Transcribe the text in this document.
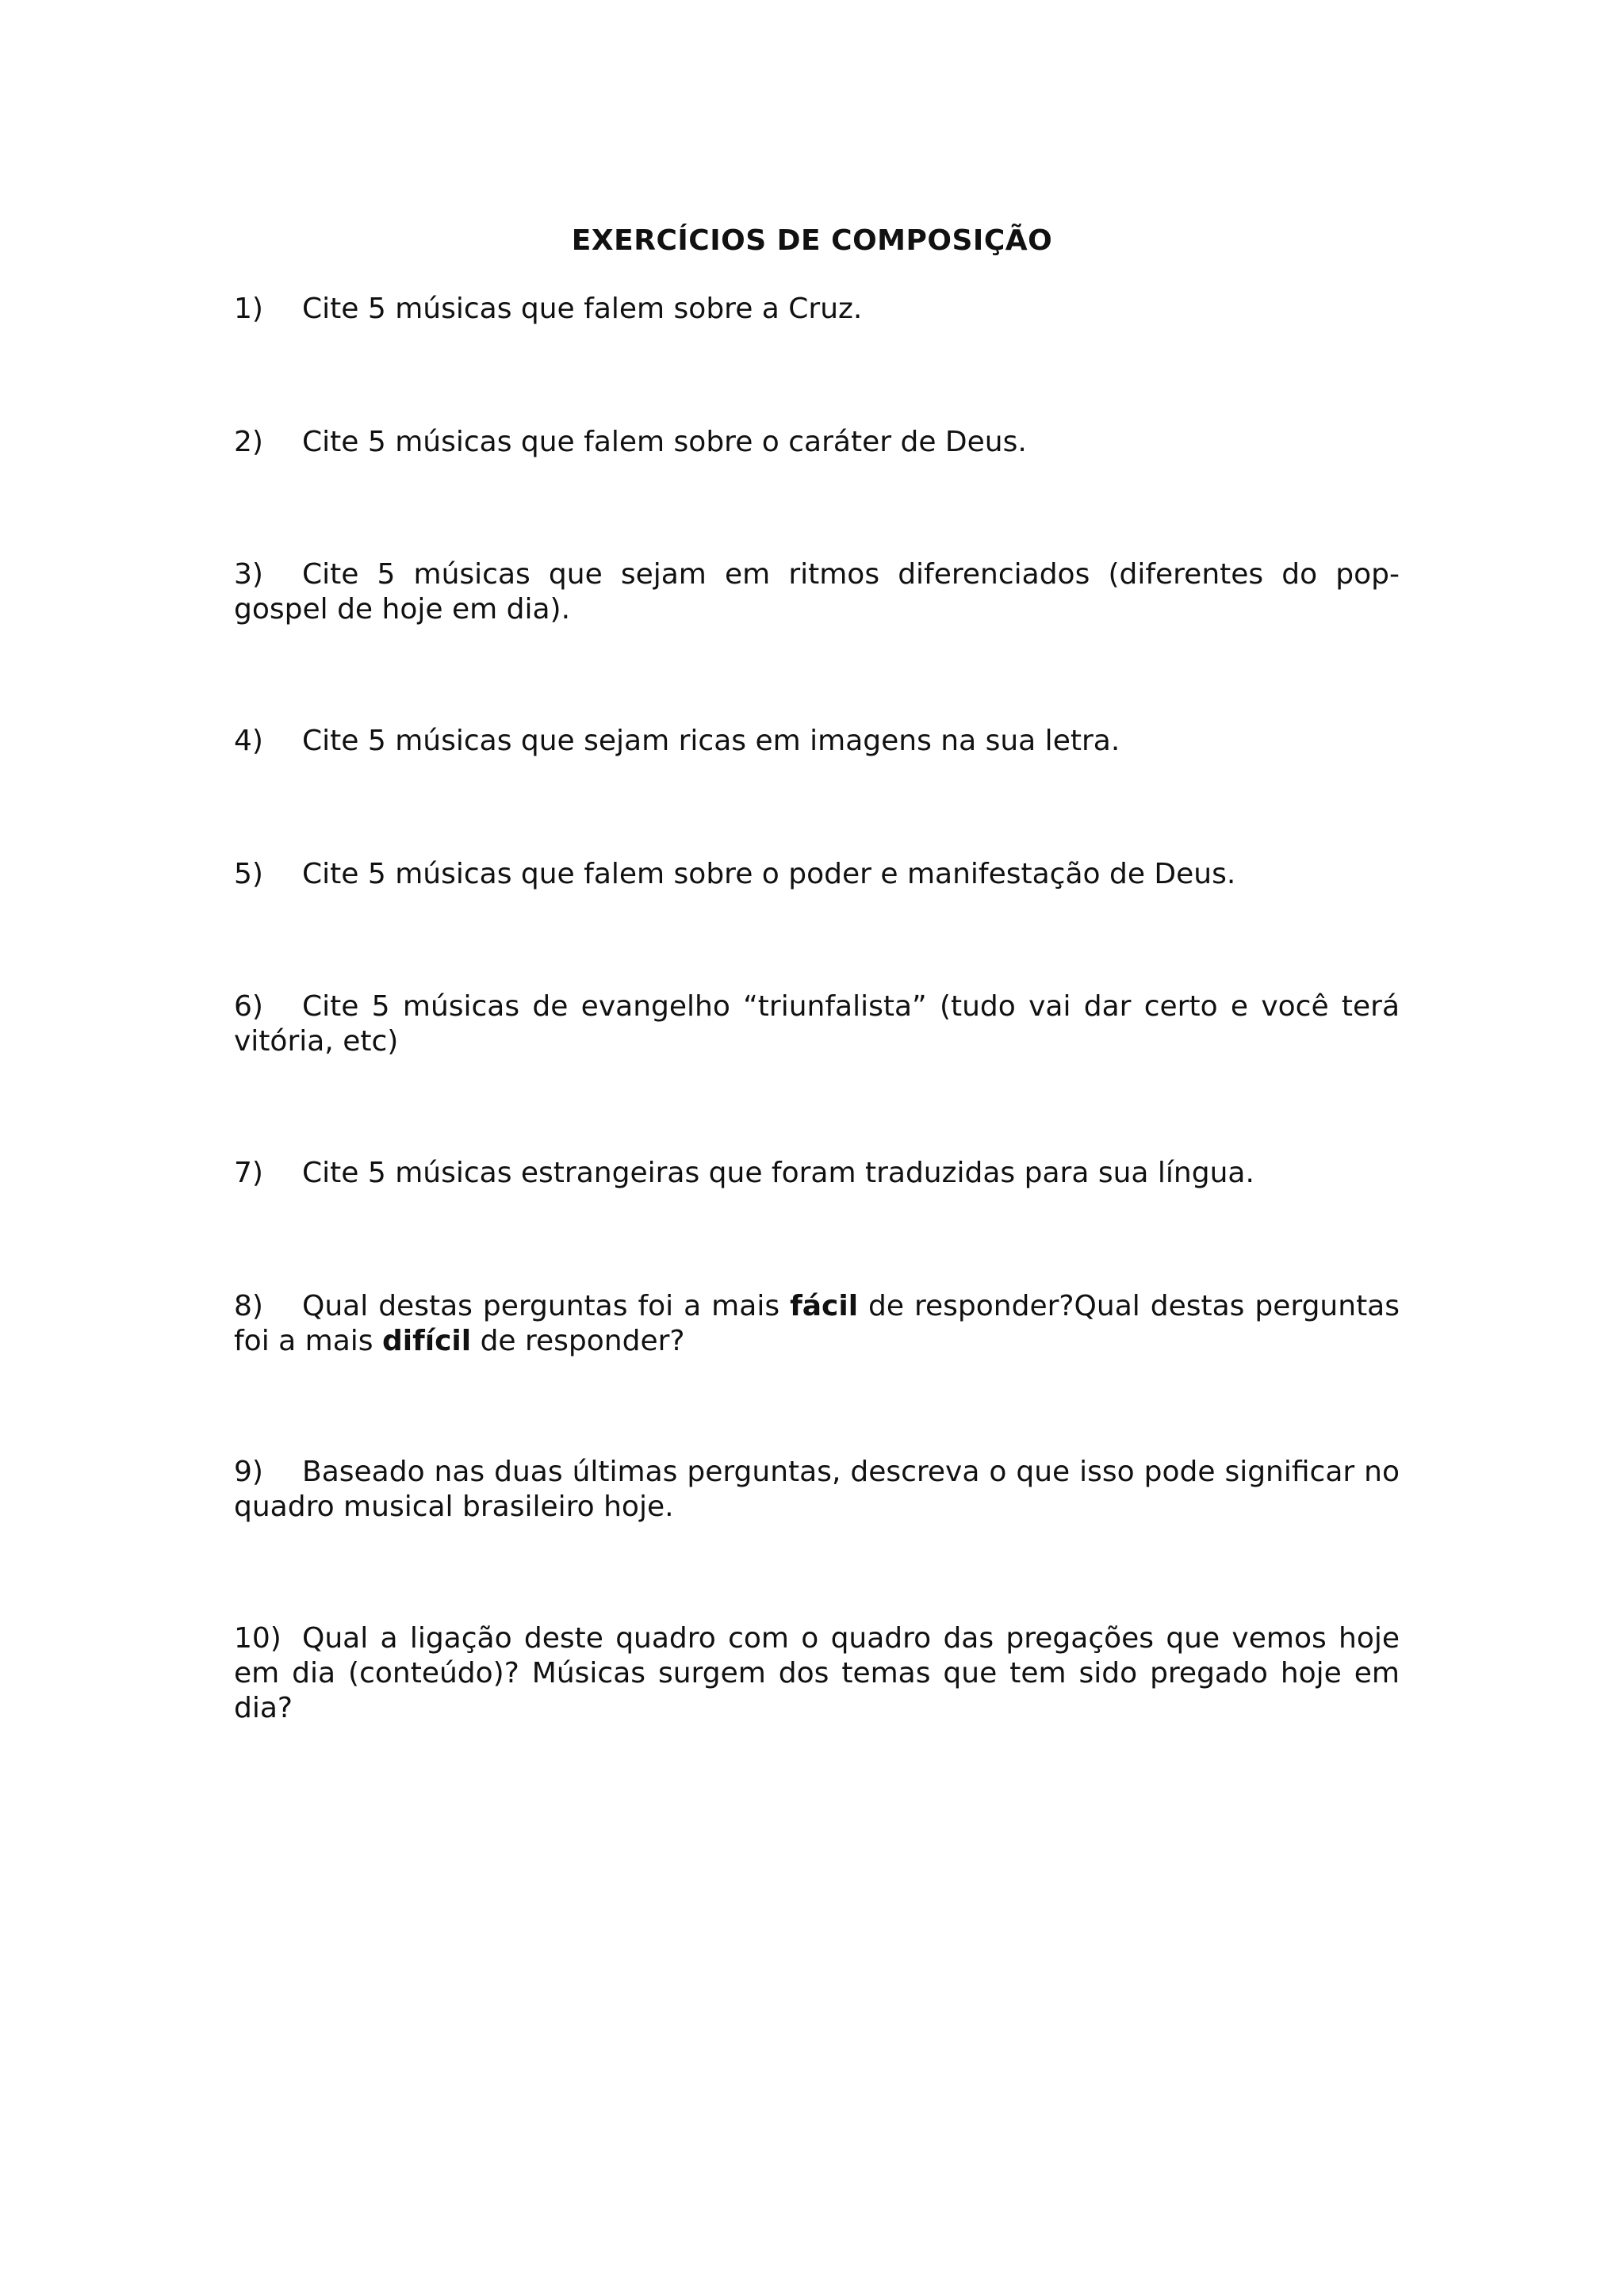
EXERCÍCIOS DE COMPOSIÇÃO
1) Cite 5 músicas que falem sobre a Cruz.
2) Cite 5 músicas que falem sobre o caráter de Deus.
3) Cite 5 músicas que sejam em ritmos diferenciados (diferentes do pop-gospel de hoje em dia).
4) Cite 5 músicas que sejam ricas em imagens na sua letra.
5) Cite 5 músicas que falem sobre o poder e manifestação de Deus.
6) Cite 5 músicas de evangelho “triunfalista” (tudo vai dar certo e você terá vitória, etc)
7) Cite 5 músicas estrangeiras que foram traduzidas para sua língua.
8) Qual destas perguntas foi a mais fácil de responder?Qual destas perguntas foi a mais difícil de responder?
9) Baseado nas duas últimas perguntas, descreva o que isso pode significar no quadro musical brasileiro hoje.
10) Qual a ligação deste quadro com o quadro das pregações que vemos hoje em dia (conteúdo)? Músicas surgem dos temas que tem sido pregado hoje em dia?
